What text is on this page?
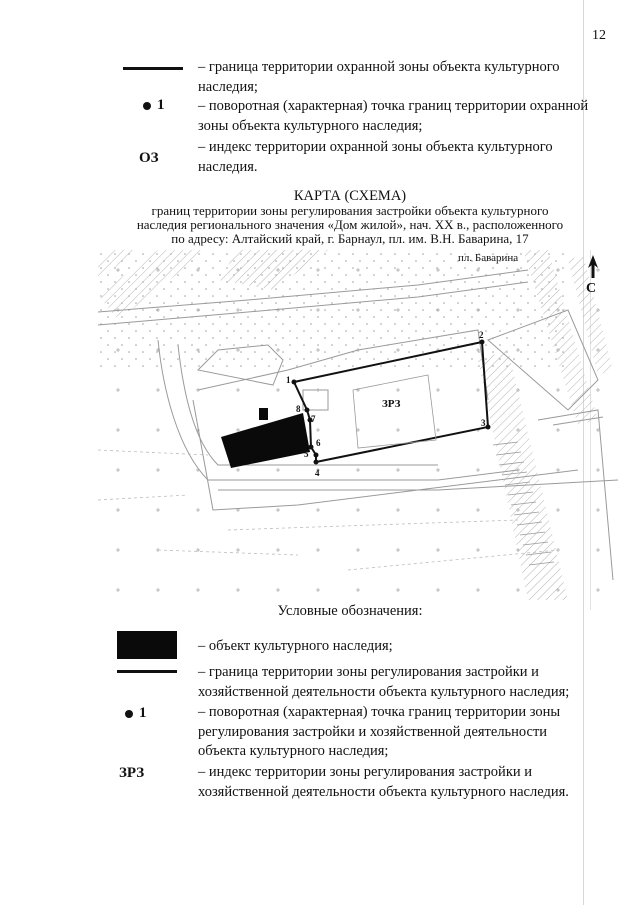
12
– граница территории охранной зоны объекта культурного
наследия;
1 – поворотная (характерная) точка границ территории охранной
зоны объекта культурного наследия;
ОЗ
– индекс территории охранной зоны объекта культурного
наследия.
КАРТА (СХЕМА)
границ территории зоны регулирования застройки объекта культурного
наследия регионального значения «Дом жилой», нач. XX в., расположенного
по адресу: Алтайский край, г. Барнаул, пл. им. В.Н. Баварина, 17
1
2
3
4
5
6
7
8	ЗРЗ
пл. Баварина
С
Условные обозначения:
– объект культурного наследия;
– граница территории зоны регулирования застройки и
хозяйственной деятельности объекта культурного наследия;
1	– поворотная (характерная) точка границ территории зоны
регулирования застройки и хозяйственной деятельности
объекта культурного наследия;
ЗРЗ	– индекс территории зоны регулирования застройки и
хозяйственной деятельности объекта культурного наследия.
